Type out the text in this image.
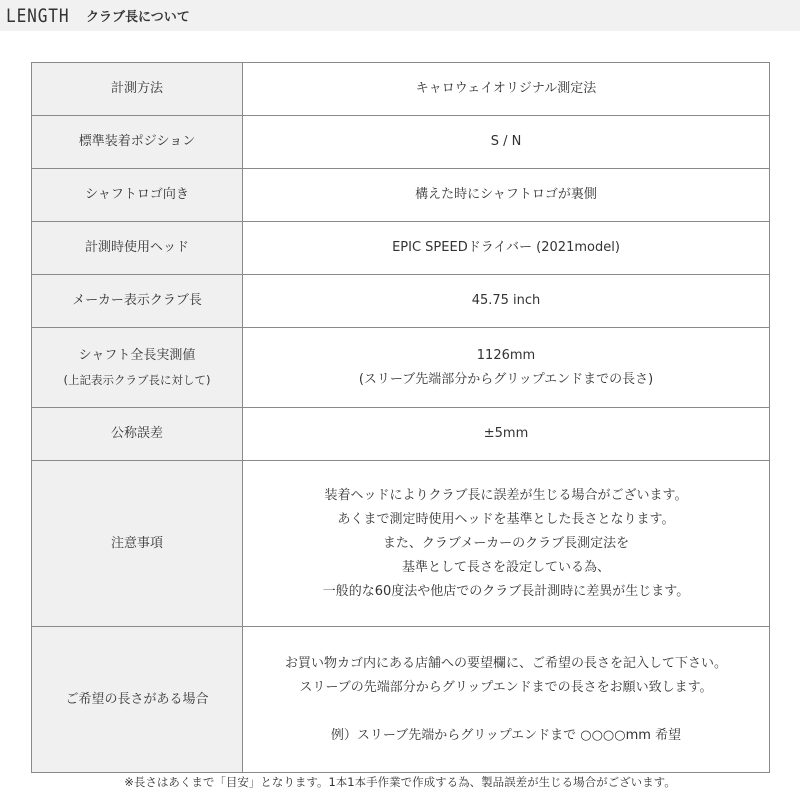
LENGTH	クラブ長について
計測方法	キャロウェイオリジナル測定法

標準装着ポジション	S / N

シャフトロゴ向き	構えた時にシャフトロゴが裏側

計測時使用ヘッド	EPIC SPEEDドライバー (2021model)

メーカー表示クラブ長	45.75 inch

シャフト全長実測値
(上記表示クラブ長に対して)	1126mm
(スリーブ先端部分からグリップエンドまでの長さ)

公称誤差	±5mm

注意事項	装着ヘッドによりクラブ長に誤差が生じる場合がございます。
あくまで測定時使用ヘッドを基準とした長さとなります。
また、クラブメーカーのクラブ長測定法を
基準として長さを設定している為、
一般的な60度法や他店でのクラブ長計測時に差異が生じます。

ご希望の長さがある場合	お買い物カゴ内にある店舗への要望欄に、ご希望の長さを記入して下さい。
スリーブの先端部分からグリップエンドまでの長さをお願い致します。
例）スリーブ先端からグリップエンドまで ○○○○mm 希望
※長さはあくまで「目安」となります。1本1本手作業で作成する為、製品誤差が生じる場合がございます。
